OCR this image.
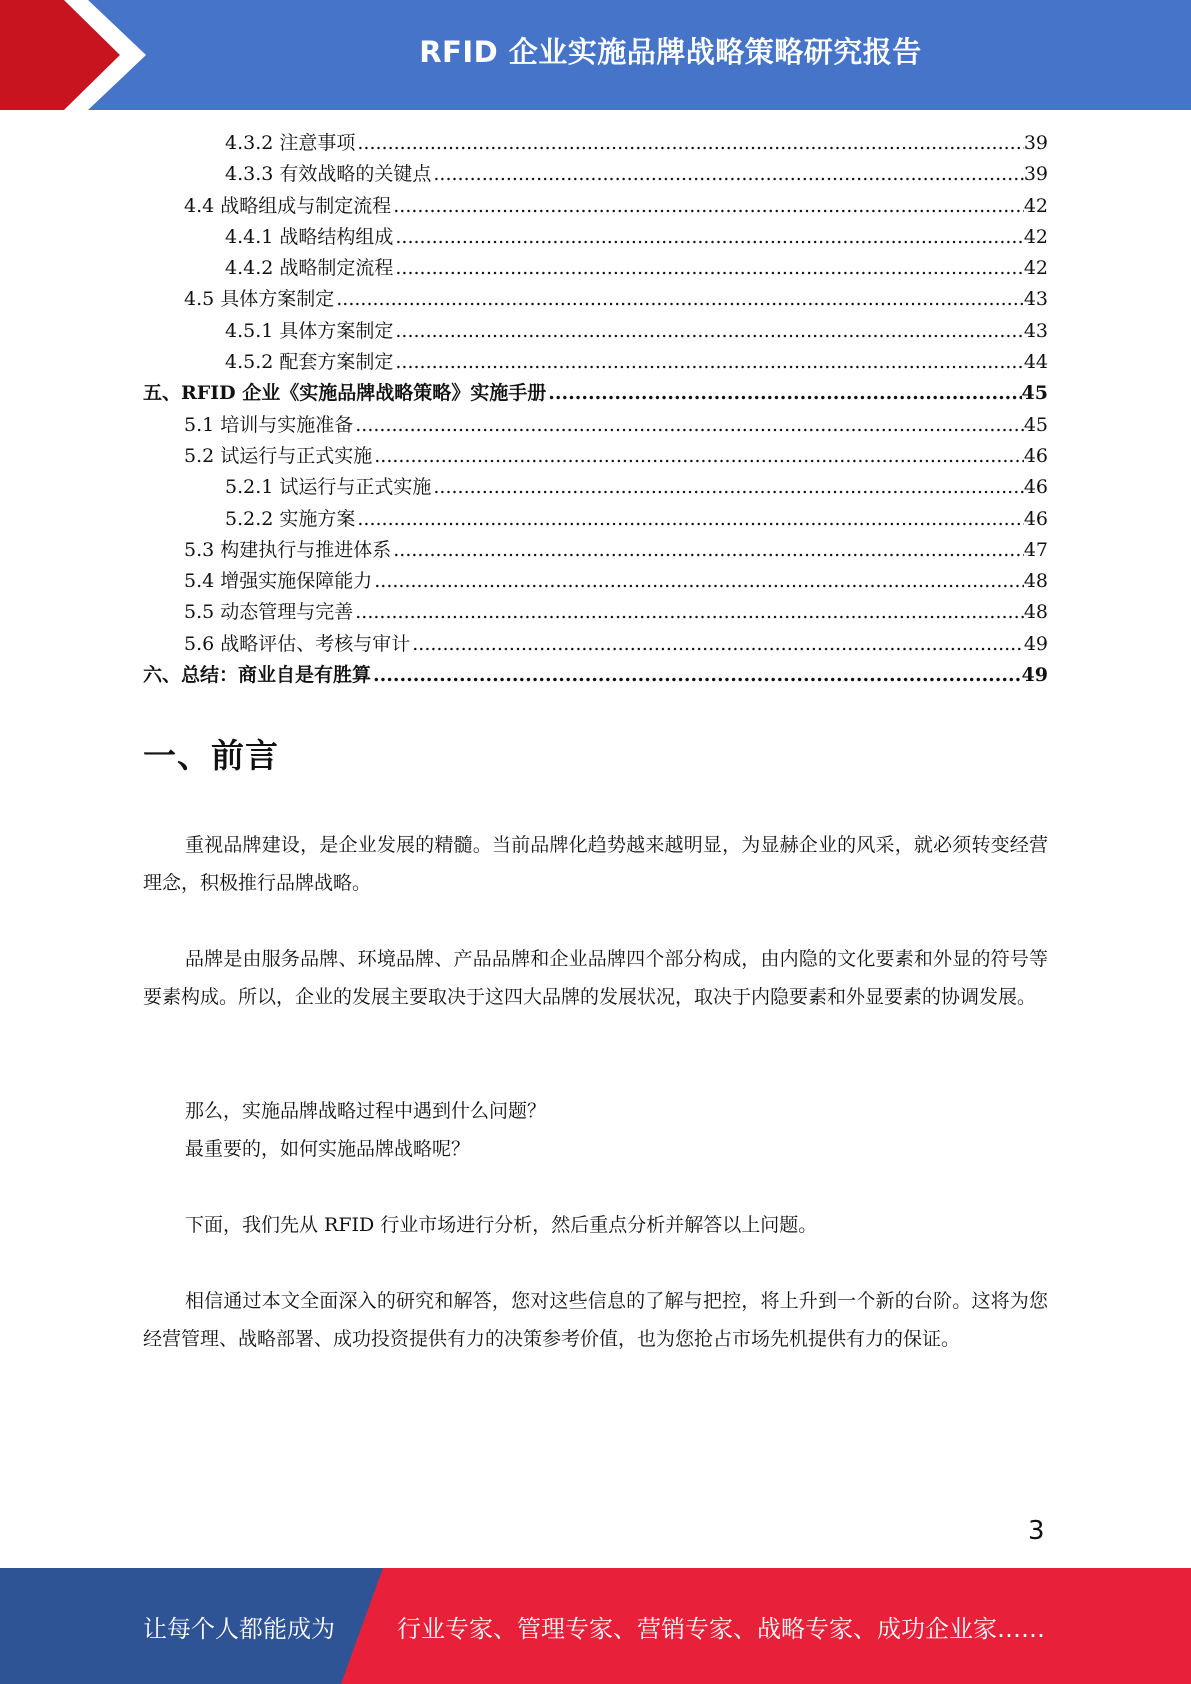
RFID 企业实施品牌战略策略研究报告
4.3.2 注意事项 .....	39
4.3.3 有效战略的关键点 .....	39
4.4 战略组成与制定流程 .....	42
4.4.1 战略结构组成 .....	42
4.4.2 战略制定流程 .....	42
4.5 具体方案制定 .....	43
4.5.1 具体方案制定 .....	43
4.5.2 配套方案制定 .....	44
五、RFID 企业《实施品牌战略策略》实施手册 .....	45
5.1 培训与实施准备 .....	45
5.2 试运行与正式实施 .....	46
5.2.1 试运行与正式实施 .....	46
5.2.2 实施方案 .....	46
5.3 构建执行与推进体系 .....	47
5.4 增强实施保障能力 .....	48
5.5 动态管理与完善 .....	48
5.6 战略评估、考核与审计 .....	49
六、总结：商业自是有胜算 .....	49
一、前言
重视品牌建设，是企业发展的精髓。当前品牌化趋势越来越明显，为显赫企业的风采，就必须转变经营理念，积极推行品牌战略。
品牌是由服务品牌、环境品牌、产品品牌和企业品牌四个部分构成，由内隐的文化要素和外显的符号等要素构成。所以，企业的发展主要取决于这四大品牌的发展状况，取决于内隐要素和外显要素的协调发展。
那么，实施品牌战略过程中遇到什么问题？
最重要的，如何实施品牌战略呢？
下面，我们先从 RFID 行业市场进行分析，然后重点分析并解答以上问题。
相信通过本文全面深入的研究和解答，您对这些信息的了解与把控，将上升到一个新的台阶。这将为您经营管理、战略部署、成功投资提供有力的决策参考价值，也为您抢占市场先机提供有力的保证。
3
让每个人都能成为	行业专家、管理专家、营销专家、战略专家、成功企业家……
